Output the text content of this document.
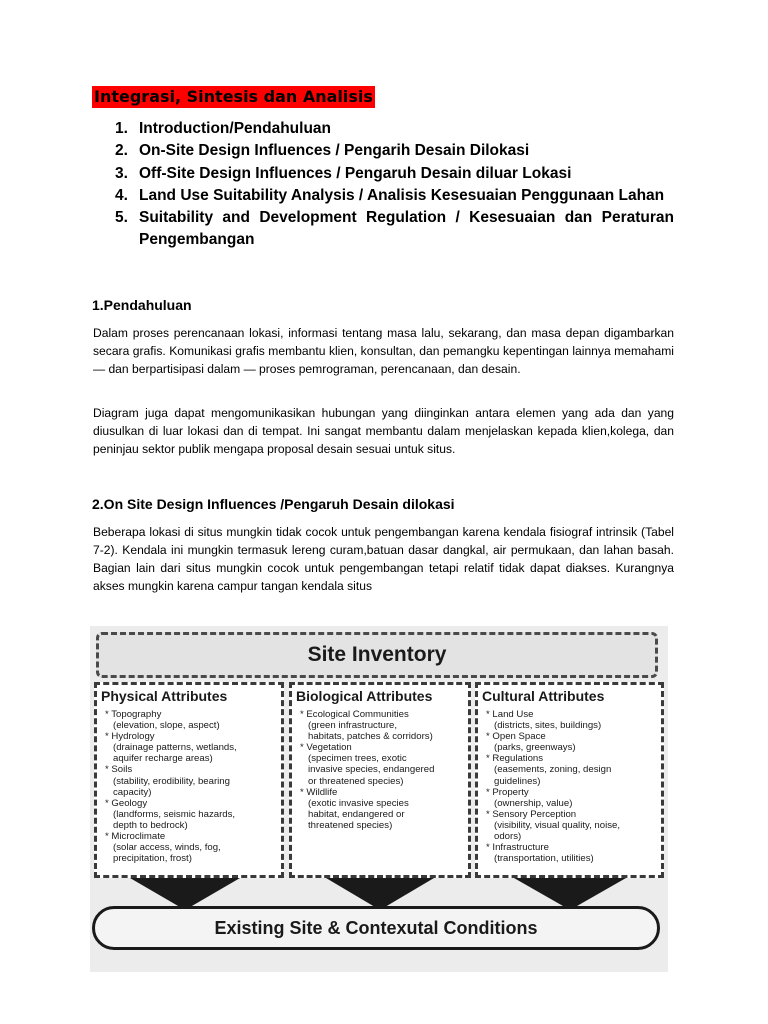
Integrasi, Sintesis dan Analisis
1. Introduction/Pendahuluan
2. On-Site Design Influences / Pengarih Desain Dilokasi
3. Off-Site Design Influences / Pengaruh Desain diluar Lokasi
4. Land Use Suitability Analysis / Analisis Kesesuaian Penggunaan Lahan
5. Suitability and Development Regulation / Kesesuaian dan Peraturan Pengembangan
1.Pendahuluan

Dalam proses perencanaan lokasi, informasi tentang masa lalu, sekarang, dan masa depan digambarkan secara grafis. Komunikasi grafis membantu klien, konsultan, dan pemangku kepentingan lainnya memahami — dan berpartisipasi dalam — proses pemrograman, perencanaan, dan desain.

Diagram juga dapat mengomunikasikan hubungan yang diinginkan antara elemen yang ada dan yang diusulkan di luar lokasi dan di tempat. Ini sangat membantu dalam menjelaskan kepada klien,kolega, dan peninjau sektor publik mengapa proposal desain sesuai untuk situs.

2.On Site Design Influences /Pengaruh Desain dilokasi

Beberapa lokasi di situs mungkin tidak cocok untuk pengembangan karena kendala fisiograf intrinsik (Tabel 7-2). Kendala ini mungkin termasuk lereng curam,batuan dasar dangkal, air permukaan, dan lahan basah. Bagian lain dari situs mungkin cocok untuk pengembangan tetapi relatif tidak dapat diakses. Kurangnya akses mungkin karena campur tangan kendala situs

Site Inventory
Physical Attributes
* Topography
(elevation, slope, aspect)
* Hydrology
(drainage patterns, wetlands,
aquifer recharge areas)
* Soils
(stability, erodibility, bearing
capacity)
* Geology
(landforms, seismic hazards,
depth to bedrock)
* Microclimate
(solar access, winds, fog,
precipitation, frost)
Biological Attributes
* Ecological Communities
(green infrastructure,
habitats, patches & corridors)
* Vegetation
(specimen trees, exotic
invasive species, endangered
or threatened species)
* Wildlife
(exotic invasive species
habitat, endangered or
threatened species)
Cultural Attributes
* Land Use
(districts, sites, buildings)
* Open Space
(parks, greenways)
* Regulations
(easements, zoning, design
guidelines)
* Property
(ownership, value)
* Sensory Perception
(visibility, visual quality, noise,
odors)
* Infrastructure
(transportation, utilities)
Existing Site & Contexutal Conditions
